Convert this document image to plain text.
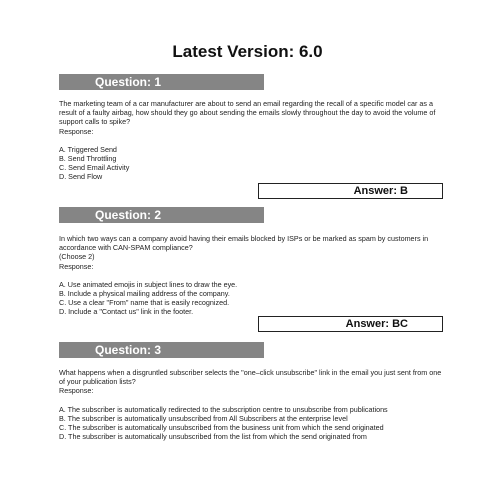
Latest Version: 6.0
Question: 1

The marketing team of a car manufacturer are about to send an email regarding the recall of a specific model car as a result of a faulty airbag, how should they go about sending the emails slowly throughout the day to avoid the volume of support calls to spike?

Response:

A. Triggered Send

B. Send Throttling

C. Send Email Activity

D. Send Flow

Answer: B
Question: 2

In which two ways can a company avoid having their emails blocked by ISPs or be marked as spam by customers in accordance with CAN-SPAM compliance?

(Choose 2)

Response:

A. Use animated emojis in subject lines to draw the eye.

B. Include a physical mailing address of the company.

C. Use a clear "From" name that is easily recognized.

D. Include a "Contact us" link in the footer.

Answer: BC
Question: 3

What happens when a disgruntled subscriber selects the "one–click unsubscribe" link in the email you just sent from one of your publication lists?

Response:

A. The subscriber is automatically redirected to the subscription centre to unsubscribe from publications

B. The subscriber is automatically unsubscribed from All Subscribers at the enterprise level

C. The subscriber is automatically unsubscribed from the business unit from which the send originated

D. The subscriber is automatically unsubscribed from the list from which the send originated from
